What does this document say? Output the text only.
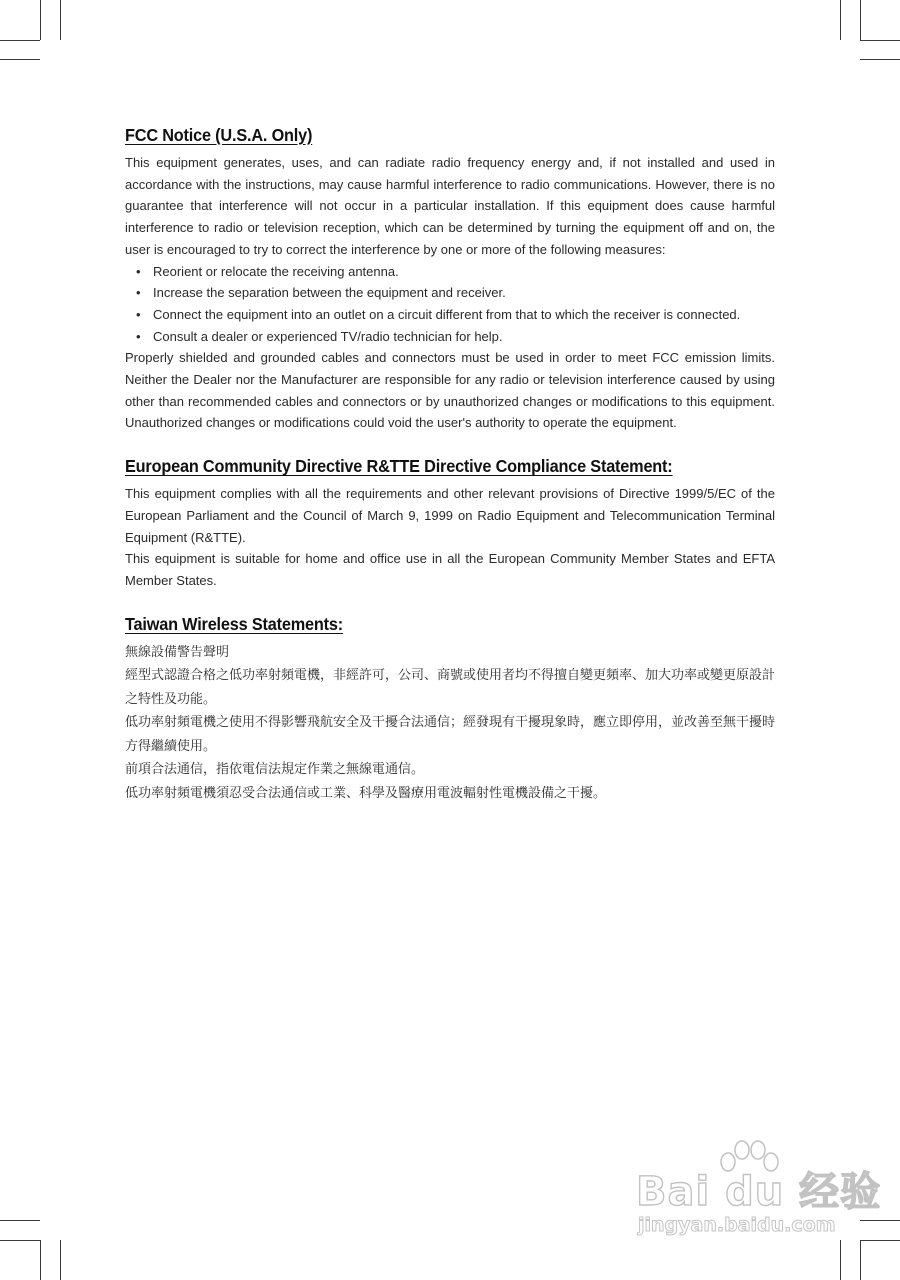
FCC Notice (U.S.A. Only)

This equipment generates, uses, and can radiate radio frequency energy and, if not installed and used in accordance with the instructions, may cause harmful interference to radio communications. However, there is no guarantee that interference will not occur in a particular installation. If this equipment does cause harmful interference to radio or television reception, which can be determined by turning the equipment off and on, the user is encouraged to try to correct the interference by one or more of the following measures:

• Reorient or relocate the receiving antenna.
• Increase the separation between the equipment and receiver.
• Connect the equipment into an outlet on a circuit different from that to which the receiver is connected.
• Consult a dealer or experienced TV/radio technician for help.

Properly shielded and grounded cables and connectors must be used in order to meet FCC emission limits. Neither the Dealer nor the Manufacturer are responsible for any radio or television interference caused by using other than recommended cables and connectors or by unauthorized changes or modifications to this equipment. Unauthorized changes or modifications could void the user's authority to operate the equipment.

European Community Directive R&TTE Directive Compliance Statement:

This equipment complies with all the requirements and other relevant provisions of Directive 1999/5/EC of the European Parliament and the Council of March 9, 1999 on Radio Equipment and Telecommunication Terminal Equipment (R&TTE).

This equipment is suitable for home and office use in all the European Community Member States and EFTA Member States.

Taiwan Wireless Statements:

無線設備警告聲明

經型式認證合格之低功率射頻電機，非經許可，公司、商號或使用者均不得擅自變更頻率、加大功率或變更原設計之特性及功能。

低功率射頻電機之使用不得影響飛航安全及干擾合法通信；經發現有干擾現象時，應立即停用，並改善至無干擾時方得繼續使用。

前項合法通信，指依電信法規定作業之無線電通信。

低功率射頻電機須忍受合法通信或工業、科學及醫療用電波輻射性電機設備之干擾。

Bai du 经验
jingyan.baidu.com
